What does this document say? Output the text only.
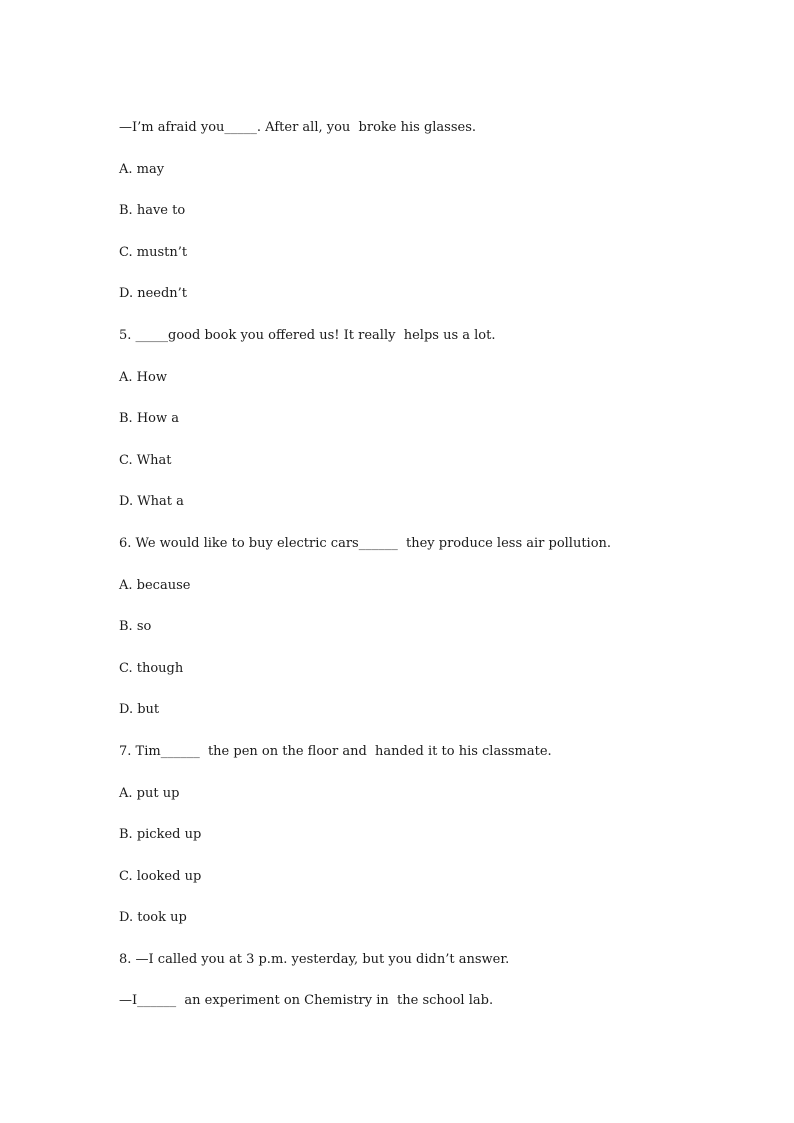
—I’m afraid you_____. After all, you  broke his glasses.
A. may
B. have to
C. mustn’t
D. needn’t
5. _____good book you offered us! It really  helps us a lot.
A. How
B. How a
C. What
D. What a
6. We would like to buy electric cars______  they produce less air pollution.
A. because
B. so
C. though
D. but
7. Tim______  the pen on the floor and  handed it to his classmate.
A. put up
B. picked up
C. looked up
D. took up
8. —I called you at 3 p.m. yesterday, but you didn’t answer.
—I______  an experiment on Chemistry in  the school lab.
